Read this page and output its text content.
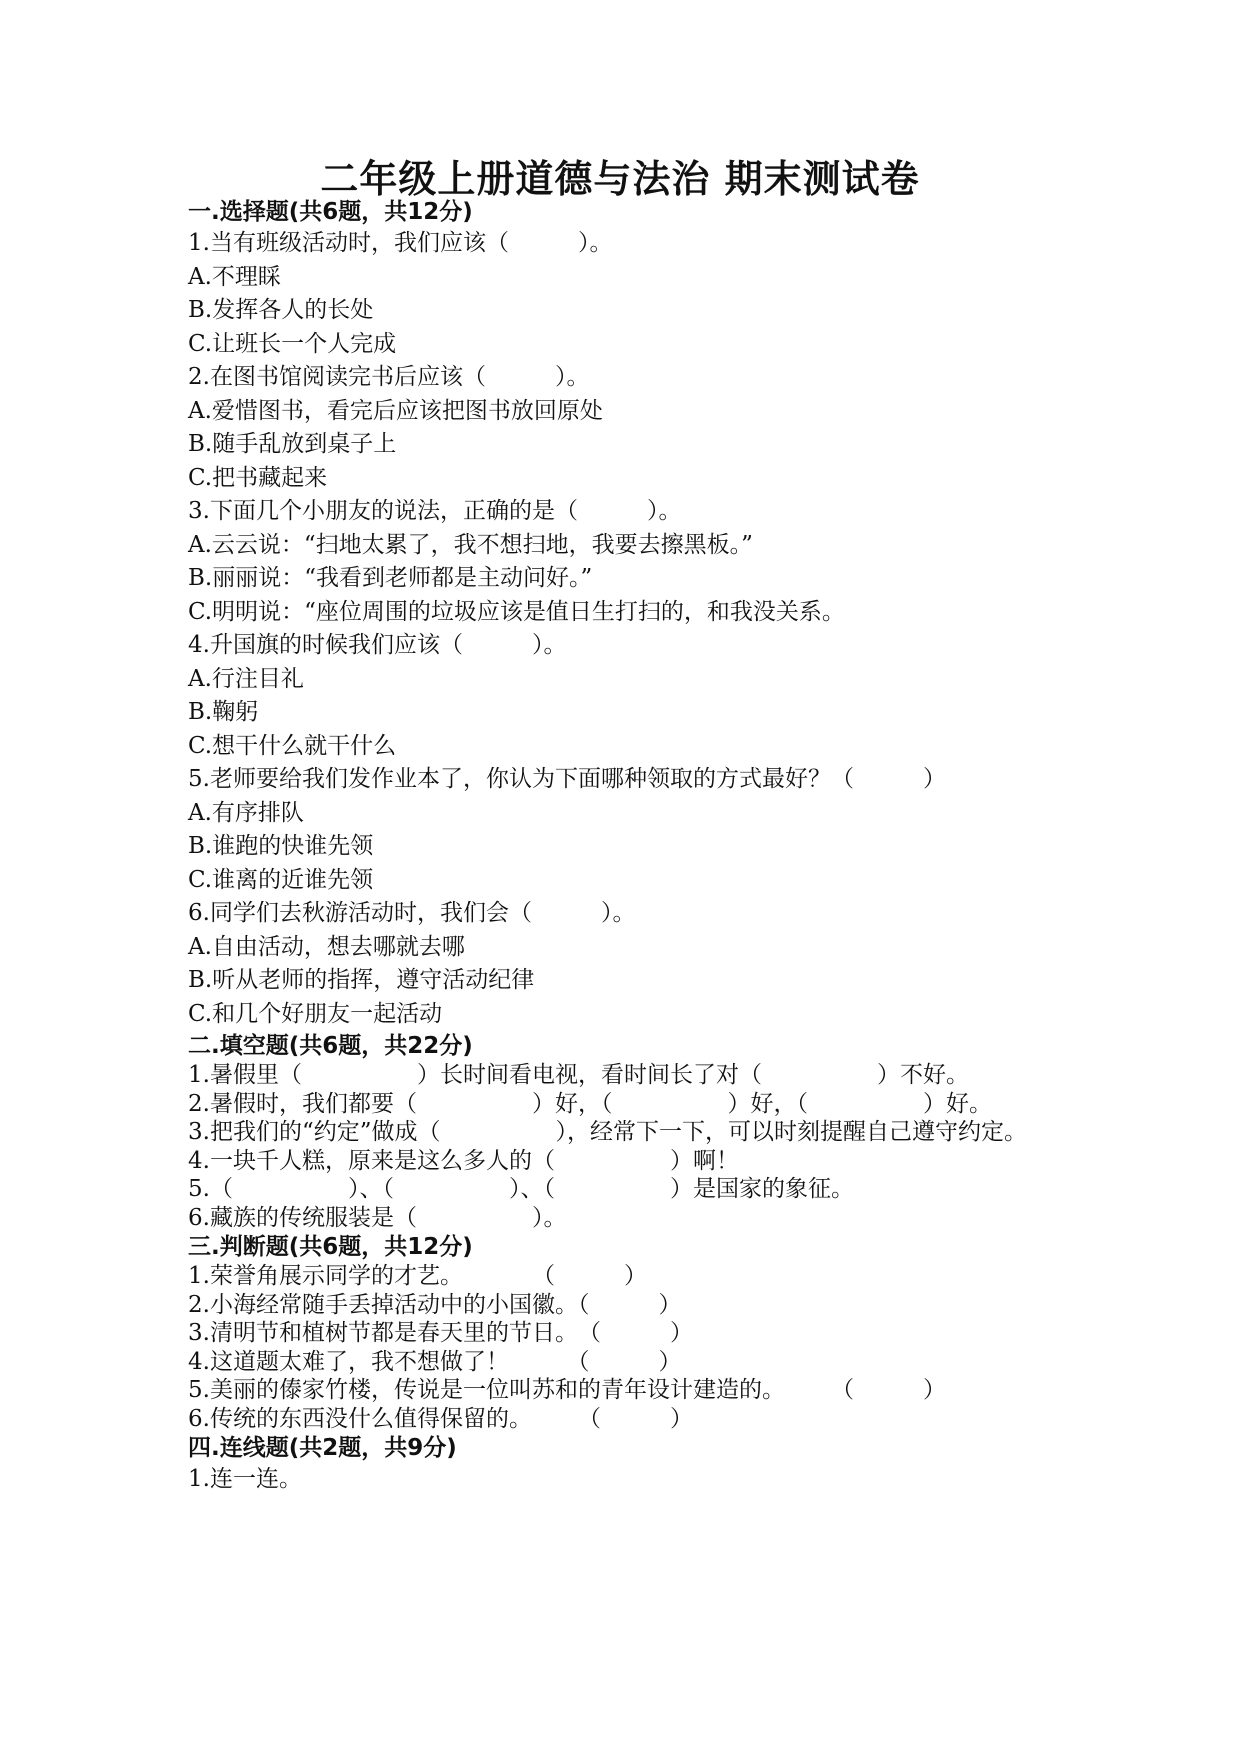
二年级上册道德与法治 期末测试卷
一.选择题(共6题，共12分)
1.当有班级活动时，我们应该（　　　）。
A.不理睬
B.发挥各人的长处
C.让班长一个人完成
2.在图书馆阅读完书后应该（　　　）。
A.爱惜图书，看完后应该把图书放回原处
B.随手乱放到桌子上
C.把书藏起来
3.下面几个小朋友的说法，正确的是（　　　）。
A.云云说：“扫地太累了，我不想扫地，我要去擦黑板。”
B.丽丽说：“我看到老师都是主动问好。”
C.明明说：“座位周围的垃圾应该是值日生打扫的，和我没关系。
4.升国旗的时候我们应该（　　　）。
A.行注目礼
B.鞠躬
C.想干什么就干什么
5.老师要给我们发作业本了，你认为下面哪种领取的方式最好？（　　　）
A.有序排队
B.谁跑的快谁先领
C.谁离的近谁先领
6.同学们去秋游活动时，我们会（　　　）。
A.自由活动，想去哪就去哪
B.听从老师的指挥，遵守活动纪律
C.和几个好朋友一起活动
二.填空题(共6题，共22分)
1.暑假里（　　　　　）长时间看电视，看时间长了对（　　　　　）不好。
2.暑假时，我们都要（　　　　　）好，（　　　　　）好，（　　　　　）好。
3.把我们的“约定”做成（　　　　　），经常下一下，可以时刻提醒自己遵守约定。
4.一块千人糕，原来是这么多人的（　　　　　）啊！
5.（　　　　　）、（　　　　　）、（　　　　　）是国家的象征。
6.藏族的传统服装是（　　　　　）。
三.判断题(共6题，共12分)
1.荣誉角展示同学的才艺。　　　　（　　　）
2.小海经常随手丢掉活动中的小国徽。（　　　）
3.清明节和植树节都是春天里的节日。　（　　　）
4.这道题太难了，我不想做了！　　　（　　　）
5.美丽的傣家竹楼，传说是一位叫苏和的青年设计建造的。　　　（　　　）
6.传统的东西没什么值得保留的。　　　（　　　）
四.连线题(共2题，共9分)
1.连一连。
